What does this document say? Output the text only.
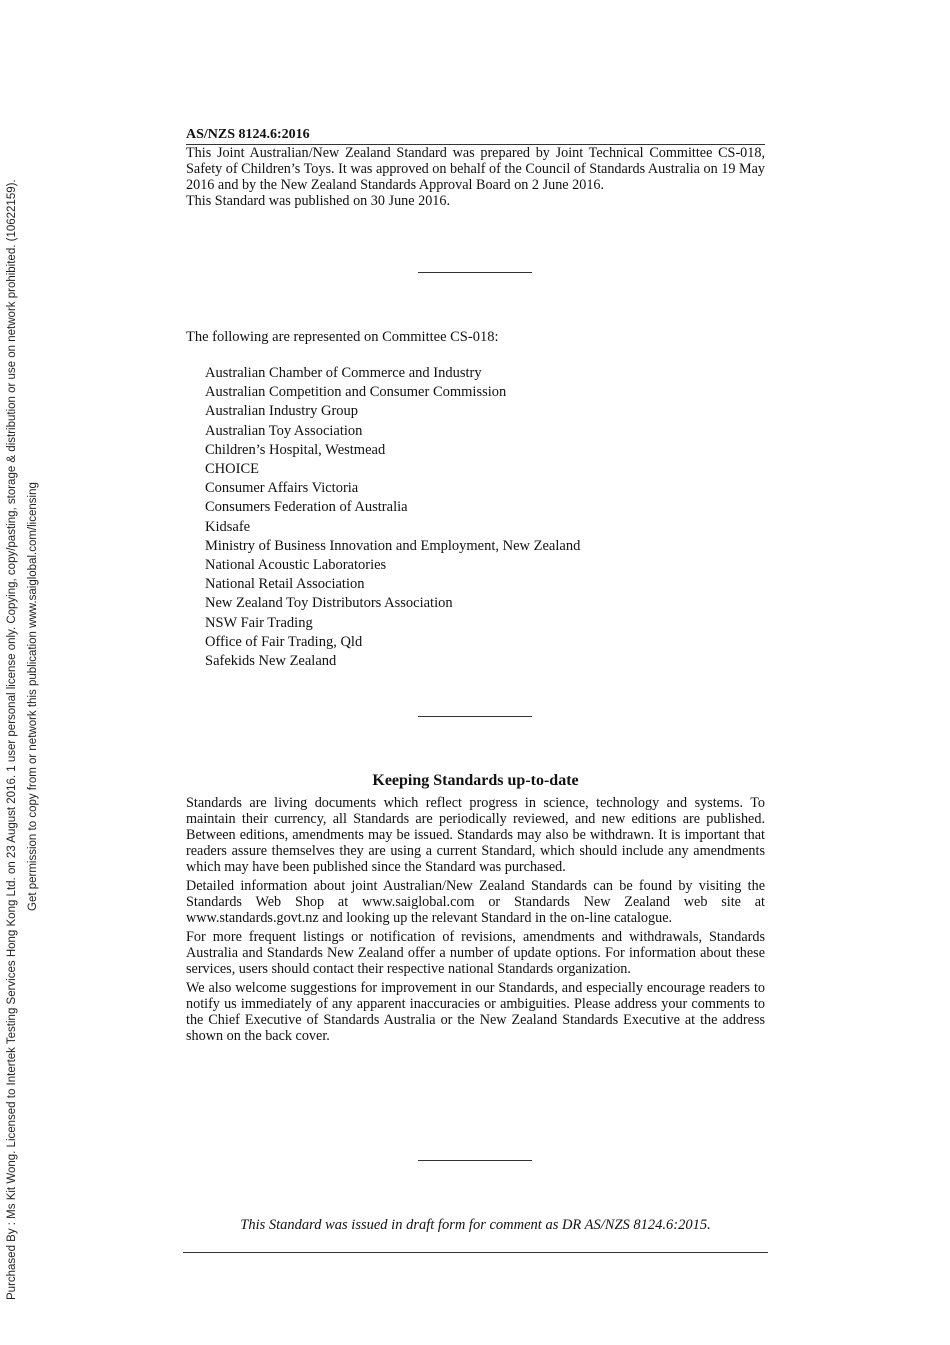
Purchased By : Ms Kit Wong. Licensed to Intertek Testing Services Hong Kong Ltd. on 23 August 2016. 1 user personal license only. Copying, copy/pasting, storage & distribution or use on network prohibited. (10622159). Get permission to copy from or network this publication www.saiglobal.com/licensing
AS/NZS 8124.6:2016
This Joint Australian/New Zealand Standard was prepared by Joint Technical Committee CS-018, Safety of Children’s Toys. It was approved on behalf of the Council of Standards Australia on 19 May 2016 and by the New Zealand Standards Approval Board on 2 June 2016.
This Standard was published on 30 June 2016.
The following are represented on Committee CS-018:
Australian Chamber of Commerce and Industry
Australian Competition and Consumer Commission
Australian Industry Group
Australian Toy Association
Children’s Hospital, Westmead
CHOICE
Consumer Affairs Victoria
Consumers Federation of Australia
Kidsafe
Ministry of Business Innovation and Employment, New Zealand
National Acoustic Laboratories
National Retail Association
New Zealand Toy Distributors Association
NSW Fair Trading
Office of Fair Trading, Qld
Safekids New Zealand
Keeping Standards up-to-date

Standards are living documents which reflect progress in science, technology and systems. To maintain their currency, all Standards are periodically reviewed, and new editions are published. Between editions, amendments may be issued. Standards may also be withdrawn. It is important that readers assure themselves they are using a current Standard, which should include any amendments which may have been published since the Standard was purchased.

Detailed information about joint Australian/New Zealand Standards can be found by visiting the Standards Web Shop at www.saiglobal.com or Standards New Zealand web site at www.standards.govt.nz and looking up the relevant Standard in the on-line catalogue.

For more frequent listings or notification of revisions, amendments and withdrawals, Standards Australia and Standards New Zealand offer a number of update options. For information about these services, users should contact their respective national Standards organization.

We also welcome suggestions for improvement in our Standards, and especially encourage readers to notify us immediately of any apparent inaccuracies or ambiguities. Please address your comments to the Chief Executive of Standards Australia or the New Zealand Standards Executive at the address shown on the back cover.

This Standard was issued in draft form for comment as DR AS/NZS 8124.6:2015.
